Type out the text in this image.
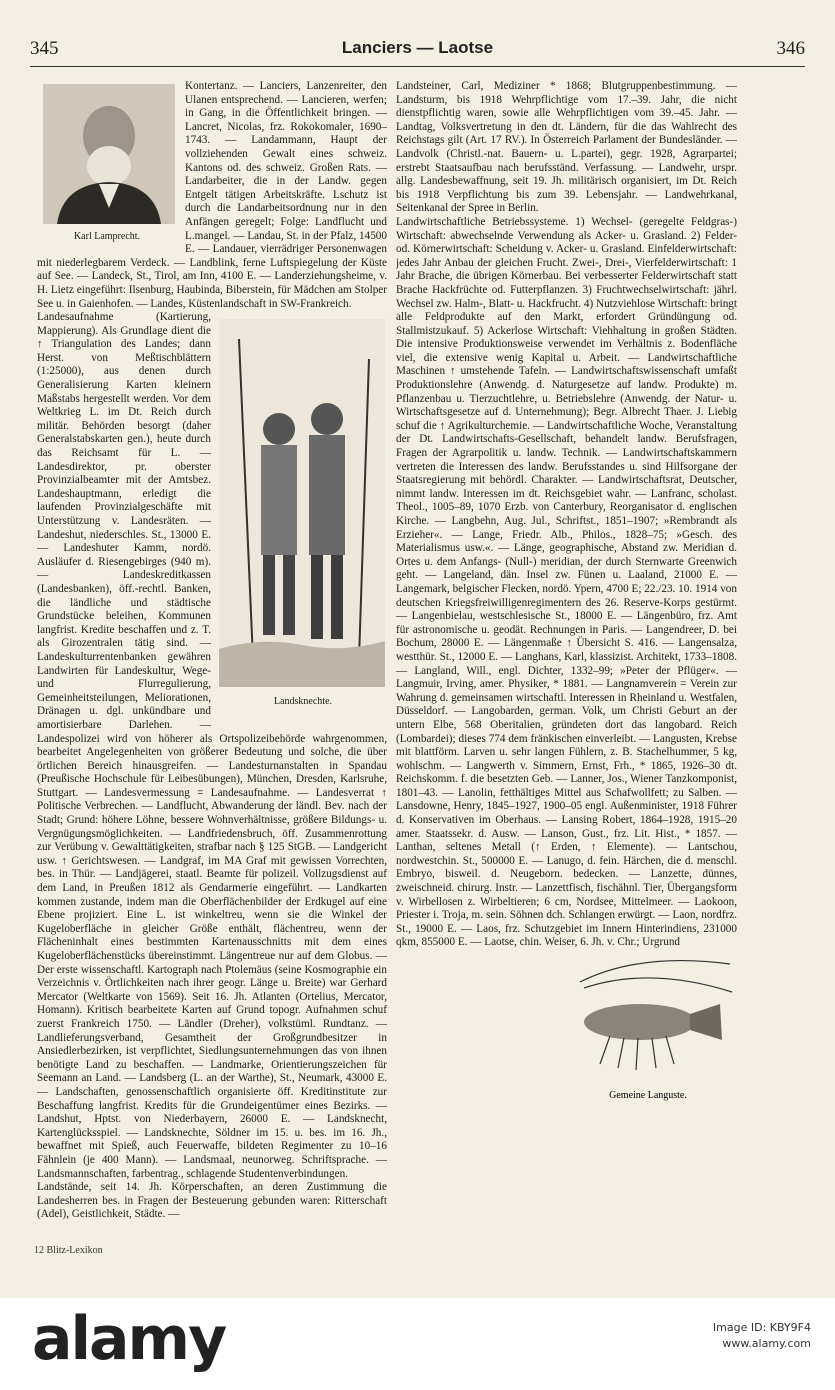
345	Lanciers — Laotse	346
Karl Lamprecht.

Kontertanz. — Lanciers, Lanzenreiter, den Ulanen entsprechend. — Lancieren, werfen; in Gang, in die Öffentlichkeit bringen. — Lancret, Nicolas, frz. Rokokomaler, 1690–1743. — Landammann, Haupt der vollziehenden Gewalt eines schweiz. Kantons od. des schweiz. Großen Rats. — Landarbeiter, die in der Landw. gegen Entgelt tätigen Arbeitskräfte. Lschutz ist durch die Landarbeitsordnung nur in den Anfängen geregelt; Folge: Landflucht und L.mangel. — Landau, St. in der Pfalz, 14500 E. — Landauer, vierrädriger Personenwagen mit niederlegbarem Verdeck. — Landblink, ferne Luftspiegelung der Küste auf See. — Landeck, St., Tirol, am Inn, 4100 E. — Landerziehungsheime, v. H. Lietz eingeführt: Ilsenburg, Haubinda, Biberstein, für Mädchen am Stolper See u. in Gaienhofen. — Landes, Küstenlandschaft in SW-Frankreich.

Landsknechte.

Landesaufnahme (Kartierung, Mappierung). Als Grundlage dient die ↑ Triangulation des Landes; dann Herst. von Meßtischblättern (1:25000), aus denen durch Generalisierung Karten kleinern Maßstabs hergestellt werden. Vor dem Weltkrieg L. im Dt. Reich durch militär. Behörden besorgt (daher Generalstabskarten gen.), heute durch das Reichsamt für L. — Landesdirektor, pr. oberster Provinzialbeamter mit der Amtsbez. Landeshauptmann, erledigt die laufenden Provinzialgeschäfte mit Unterstützung v. Landesräten. — Landeshut, niederschles. St., 13000 E. — Landeshuter Kamm, nordö. Ausläufer d. Riesengebirges (940 m). — Landeskreditkassen (Landesbanken), öff.-rechtl. Banken, die ländliche und städtische Grundstücke beleihen, Kommunen langfrist. Kredite beschaffen und z. T. als Girozentralen tätig sind. — Landeskulturrentenbanken gewähren Landwirten für Landeskultur, Wege- und Flurregulierung, Gemeinheitsteilungen, Meliorationen, Dränagen u. dgl. unkündbare und amortisierbare Darlehen. — Landespolizei wird von höherer als Ortspolizeibehörde wahrgenommen, bearbeitet Angelegenheiten von größerer Bedeutung und solche, die über örtlichen Bereich hinausgreifen. — Landesturnanstalten in Spandau (Preußische Hochschule für Leibesübungen), München, Dresden, Karlsruhe, Stuttgart. — Landesvermessung = Landesaufnahme. — Landesverrat ↑ Politische Verbrechen. — Landflucht, Abwanderung der ländl. Bev. nach der Stadt; Grund: höhere Löhne, bessere Wohnverhältnisse, größere Bildungs- u. Vergnügungsmöglichkeiten. — Landfriedensbruch, öff. Zusammenrottung zur Verübung v. Gewalttätigkeiten, strafbar nach § 125 StGB. — Landgericht usw. ↑ Gerichtswesen. — Landgraf, im MA Graf mit gewissen Vorrechten, bes. in Thür. — Landjägerei, staatl. Beamte für polizeil. Vollzugsdienst auf dem Land, in Preußen 1812 als Gendarmerie eingeführt. — Landkarten kommen zustande, indem man die Oberflächenbilder der Erdkugel auf eine Ebene projiziert. Eine L. ist winkeltreu, wenn sie die Winkel der Kugeloberfläche in gleicher Größe enthält, flächentreu, wenn der Flächeninhalt eines bestimmten Kartenausschnitts mit dem eines Kugeloberflächenstücks übereinstimmt. Längentreue nur auf dem Globus. — Der erste wissenschaftl. Kartograph nach Ptolemäus (seine Kosmographie ein Verzeichnis v. Örtlichkeiten nach ihrer geogr. Länge u. Breite) war Gerhard Mercator (Weltkarte von 1569). Seit 16. Jh. Atlanten (Ortelius, Mercator, Homann). Kritisch bearbeitete Karten auf Grund topogr. Aufnahmen schuf zuerst Frankreich 1750. — Ländler (Dreher), volkstüml. Rundtanz. — Landlieferungsverband, Gesamtheit der Großgrundbesitzer in Ansiedlerbezirken, ist verpflichtet, Siedlungsunternehmungen das von ihnen benötigte Land zu beschaffen. — Landmarke, Orientierungszeichen für Seemann an Land. — Landsberg (L. an der Warthe), St., Neumark, 43000 E. — Landschaften, genossenschaftlich organisierte öff. Kreditinstitute zur Beschaffung langfrist. Kredits für die Grundeigentümer eines Bezirks. — Landshut, Hptst. von Niederbayern, 26000 E. — Landsknecht, Kartenglücksspiel. — Landsknechte, Söldner im 15. u. bes. im 16. Jh., bewaffnet mit Spieß, auch Feuerwaffe, bildeten Regimenter zu 10–16 Fähnlein (je 400 Mann). — Landsmaal, neunorweg. Schriftsprache. — Landsmannschaften, farbentrag., schlagende Studentenverbindungen.

Landstände, seit 14. Jh. Körperschaften, an deren Zustimmung die Landesherren bes. in Fragen der Besteuerung gebunden waren: Ritterschaft (Adel), Geistlichkeit, Städte. —

Landsteiner, Carl, Mediziner * 1868; Blutgruppenbestimmung. — Landsturm, bis 1918 Wehrpflichtige vom 17.–39. Jahr, die nicht dienstpflichtig waren, sowie alle Wehrpflichtigen vom 39.–45. Jahr. — Landtag, Volksvertretung in den dt. Ländern, für die das Wahlrecht des Reichstags gilt (Art. 17 RV.). In Österreich Parlament der Bundesländer. — Landvolk (Christl.-nat. Bauern- u. L.partei), gegr. 1928, Agrarpartei; erstrebt Staatsaufbau nach berufsständ. Verfassung. — Landwehr, urspr. allg. Landesbewaffnung, seit 19. Jh. militärisch organisiert, im Dt. Reich bis 1918 Verpflichtung bis zum 39. Lebensjahr. — Landwehrkanal, Seitenkanal der Spree in Berlin.

Landwirtschaftliche Betriebssysteme. 1) Wechsel- (geregelte Feldgras-) Wirtschaft: abwechselnde Verwendung als Acker- u. Grasland. 2) Felder- od. Körnerwirtschaft: Scheidung v. Acker- u. Grasland. Einfelderwirtschaft: jedes Jahr Anbau der gleichen Frucht. Zwei-, Drei-, Vierfelderwirtschaft: 1 Jahr Brache, die übrigen Körnerbau. Bei verbesserter Felderwirtschaft statt Brache Hackfrüchte od. Futterpflanzen. 3) Fruchtwechselwirtschaft: jährl. Wechsel zw. Halm-, Blatt- u. Hackfrucht. 4) Nutzviehlose Wirtschaft: bringt alle Feldprodukte auf den Markt, erfordert Gründüngung od. Stallmistzukauf. 5) Ackerlose Wirtschaft: Viehhaltung in großen Städten. Die intensive Produktionsweise verwendet im Verhältnis z. Bodenfläche viel, die extensive wenig Kapital u. Arbeit. — Landwirtschaftliche Maschinen ↑ umstehende Tafeln. — Landwirtschaftswissenschaft umfaßt Produktionslehre (Anwendg. d. Naturgesetze auf landw. Produkte) m. Pflanzenbau u. Tierzuchtlehre, u. Betriebslehre (Anwendg. der Natur- u. Wirtschaftsgesetze auf d. Unternehmung); Begr. Albrecht Thaer. J. Liebig schuf die ↑ Agrikulturchemie. — Landwirtschaftliche Woche, Veranstaltung der Dt. Landwirtschafts-Gesellschaft, behandelt landw. Berufsfragen, Fragen der Agrarpolitik u. landw. Technik. — Landwirtschaftskammern vertreten die Interessen des landw. Berufsstandes u. sind Hilfsorgane der Staatsregierung mit behördl. Charakter. — Landwirtschaftsrat, Deutscher, nimmt landw. Interessen im dt. Reichsgebiet wahr. — Lanfranc, scholast. Theol., 1005–89, 1070 Erzb. von Canterbury, Reorganisator d. englischen Kirche. — Langbehn, Aug. Jul., Schriftst., 1851–1907; »Rembrandt als Erzieher«. — Lange, Friedr. Alb., Philos., 1828–75; »Gesch. des Materialismus usw.«. — Länge, geographische, Abstand zw. Meridian d. Ortes u. dem Anfangs- (Null-) meridian, der durch Sternwarte Greenwich geht. — Langeland, dän. Insel zw. Fünen u. Laaland, 21000 E. — Langemark, belgischer Flecken, nordö. Ypern, 4700 E; 22./23. 10. 1914 von deutschen Kriegsfreiwilligenregimentern des 26. Reserve-Korps gestürmt. — Langenbielau, westschlesische St., 18000 E. — Längenbüro, frz. Amt für astronomische u. geodät. Rechnungen in Paris. — Langendreer, D. bei Bochum, 28000 E. — Längenmaße ↑ Übersicht S. 416. — Langensalza, westthür. St., 12000 E. — Langhans, Karl, klassizist. Architekt, 1733–1808. — Langland, Will., engl. Dichter, 1332–99; »Peter der Pflüger«. — Langmuir, Irving, amer. Physiker, * 1881. — Langnamverein = Verein zur Wahrung d. gemeinsamen wirtschaftl. Interessen in Rheinland u. Westfalen, Düsseldorf. — Langobarden, german. Volk, um Christi Geburt an der untern Elbe, 568 Oberitalien, gründeten dort das langobard. Reich (Lombardei); dieses 774 dem fränkischen einverleibt. — Langusten, Krebse mit blattförm. Larven u. sehr langen Fühlern, z. B. Stachelhummer, 5 kg, wohlschm. — Langwerth v. Simmern, Ernst, Frh., * 1865, 1926–30 dt. Reichskomm. f. die besetzten Geb. — Lanner, Jos., Wiener Tanzkomponist, 1801–43. — Lanolin, fetthältiges Mittel aus Schafwollfett; zu Salben. — Lansdowne, Henry, 1845–1927, 1900–05 engl. Außenminister, 1918 Führer d. Konservativen im Oberhaus. — Lansing Robert, 1864–1928, 1915–20 amer. Staatssekr. d. Ausw. — Lanson, Gust., frz. Lit. Hist., * 1857. — Lanthan, seltenes Metall (↑ Erden, ↑ Elemente). — Lantschou, nordwestchin. St., 500000 E. — Lanugo, d. fein. Härchen, die d. menschl. Embryo, bisweil. d. Neugeborn. bedecken. — Lanzette, dünnes, zweischneid. chirurg. Instr. — Lanzettfisch, fischähnl. Tier, Übergangsform v. Wirbellosen z. Wirbeltieren; 6 cm, Nordsee, Mittelmeer. — Laokoon, Priester i. Troja, m. sein. Söhnen dch. Schlangen erwürgt. — Laon, nordfrz. St., 19000 E. — Laos, frz. Schutzgebiet im Innern Hinterindiens, 231000 qkm, 855000 E. — Laotse, chin. Weiser, 6. Jh. v. Chr.; Urgrund

Gemeine Languste.
12 Blitz-Lexikon
alamy	Image ID: KBY9F4
www.alamy.com
